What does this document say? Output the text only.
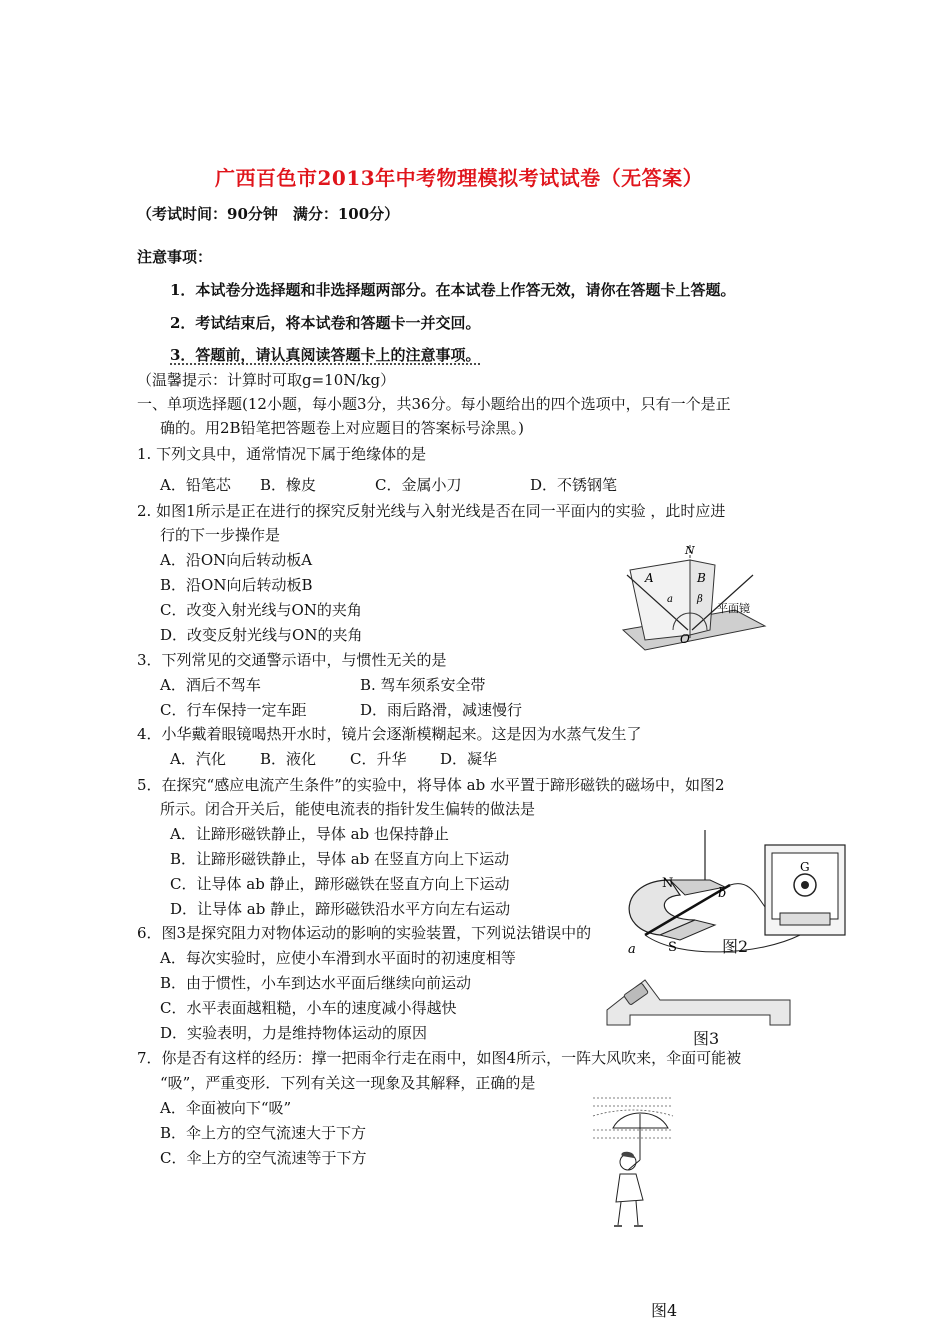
广西百色市2013年中考物理模拟考试试卷（无答案）
（考试时间：90分钟　满分：100分）
注意事项：
1．本试卷分选择题和非选择题两部分。在本试卷上作答无效，请你在答题卡上答题。
2．考试结束后，将本试卷和答题卡一并交回。
3．答题前，请认真阅读答题卡上的注意事项。
（温馨提示：计算时可取g=10N/kg）
一、单项选择题(12小题，每小题3分，共36分。每小题给出的四个选项中，只有一个是正
确的。用2B铅笔把答题卷上对应题目的答案标号涂黑。)
1. 下列文具中，通常情况下属于绝缘体的是
A．铅笔芯 B．橡皮	C．金属小刀	D．不锈钢笔
2. 如图1所示是正在进行的探究反射光线与入射光线是否在同一平面内的实验 ，此时应进
行的下一步操作是
A．沿ON向后转动板A
B．沿ON向后转动板B
C．改变入射光线与ON的夹角
D．改变反射光线与ON的夹角
N
A	B
a β
O
平面镜
3．下列常见的交通警示语中，与惯性无关的是
A．酒后不驾车	B. 驾车须系安全带
C．行车保持一定车距	D．雨后路滑，减速慢行
4．小华戴着眼镜喝热开水时，镜片会逐渐模糊起来。这是因为水蒸气发生了
A．汽化 B．液化 C．升华 D．凝华
5．在探究“感应电流产生条件”的实验中，将导体 ab 水平置于蹄形磁铁的磁场中，如图2
所示。闭合开关后，能使电流表的指针发生偏转的做法是
A．让蹄形磁铁静止，导体 ab 也保持静止
B．让蹄形磁铁静止，导体 ab 在竖直方向上下运动
C．让导体 ab 静止，蹄形磁铁在竖直方向上下运动
D．让导体 ab 静止，蹄形磁铁沿水平方向左右运动
N
S
a
b
G
图2
6．图3是探究阻力对物体运动的影响的实验装置，下列说法错误中的
A．每次实验时，应使小车滑到水平面时的初速度相等
B．由于惯性，小车到达水平面后继续向前运动
C．水平表面越粗糙，小车的速度减小得越快
D．实验表明，力是维持物体运动的原因	图3
7．你是否有这样的经历：撑一把雨伞行走在雨中，如图4所示，一阵大风吹来，伞面可能被
“吸”，严重变形．下列有关这一现象及其解释，正确的是
A．伞面被向下“吸”
B．伞上方的空气流速大于下方
C．伞上方的空气流速等于下方
图4
